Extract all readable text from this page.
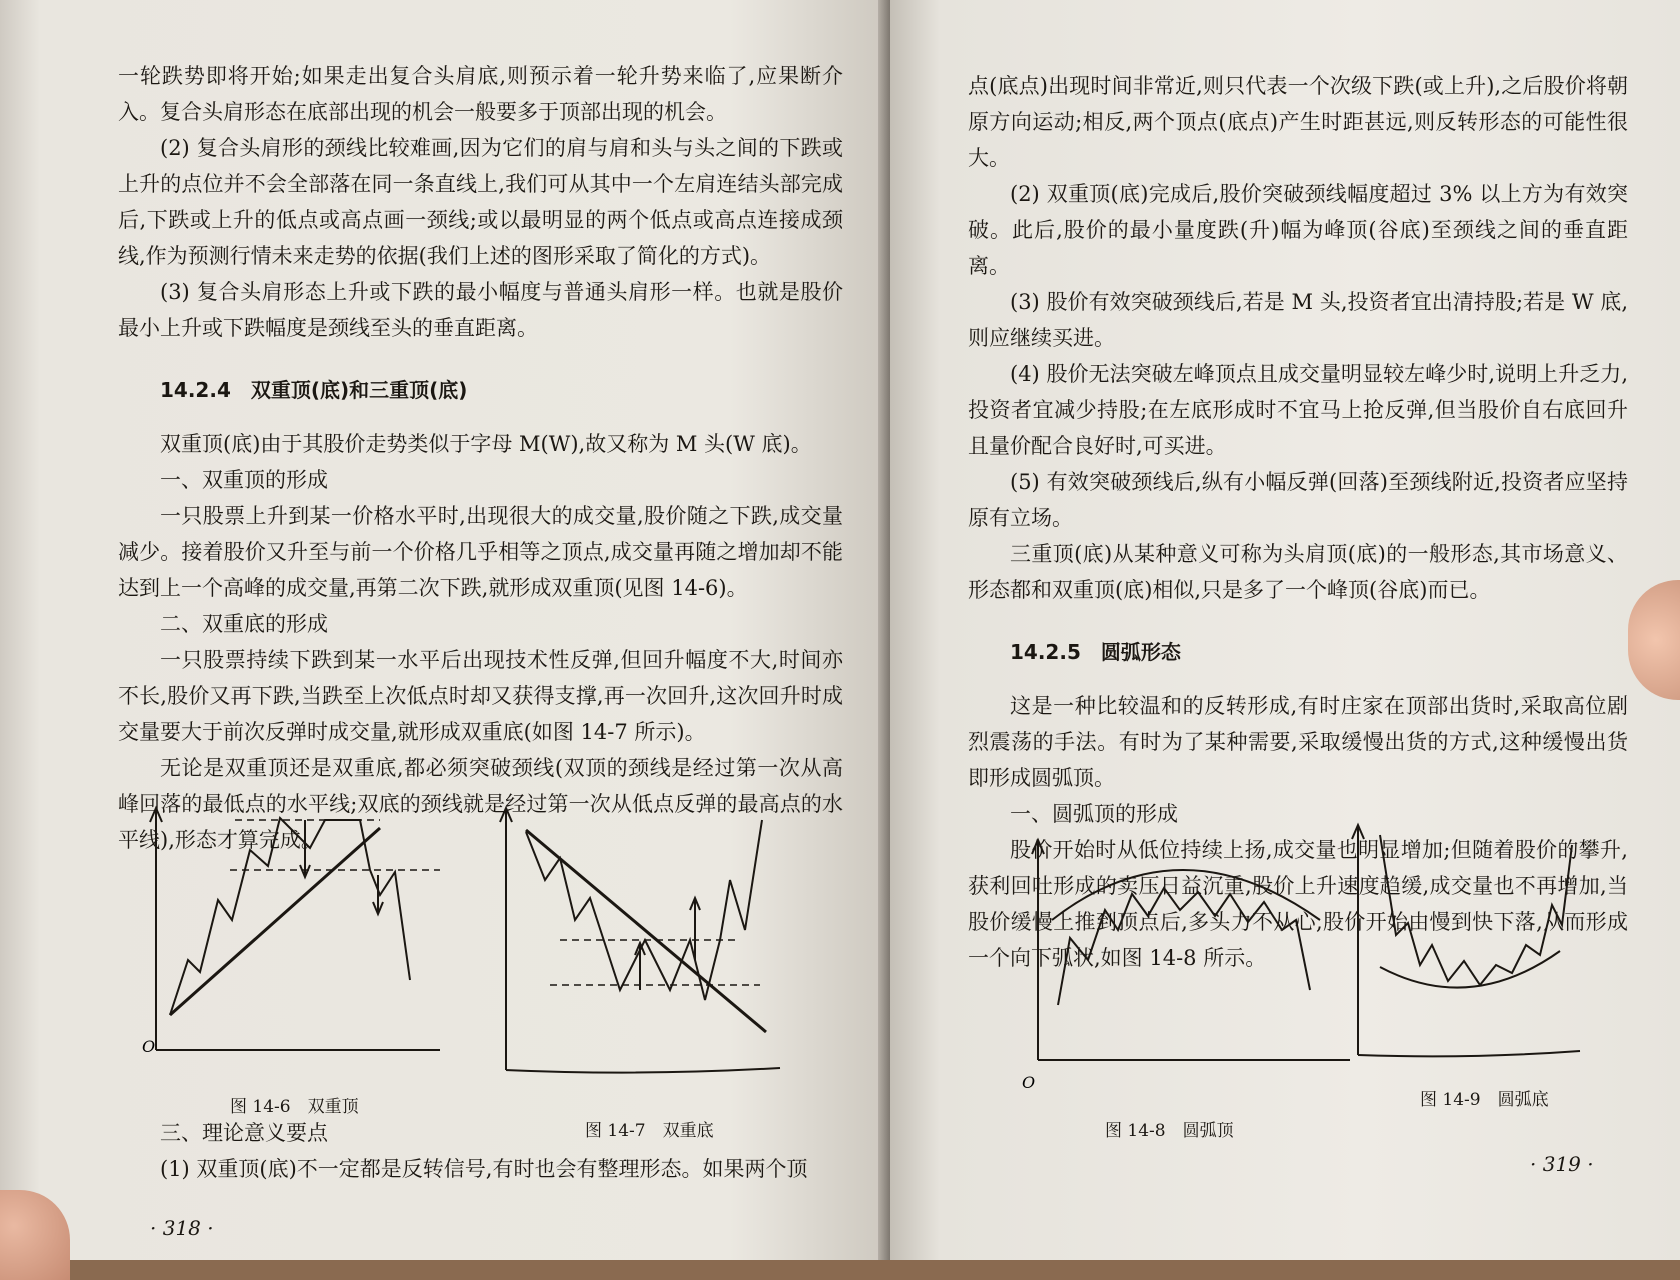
一轮跌势即将开始;如果走出复合头肩底,则预示着一轮升势来临了,应果断介入。复合头肩形态在底部出现的机会一般要多于顶部出现的机会。

(2) 复合头肩形的颈线比较难画,因为它们的肩与肩和头与头之间的下跌或上升的点位并不会全部落在同一条直线上,我们可从其中一个左肩连结头部完成后,下跌或上升的低点或高点画一颈线;或以最明显的两个低点或高点连接成颈线,作为预测行情未来走势的依据(我们上述的图形采取了简化的方式)。

(3) 复合头肩形态上升或下跌的最小幅度与普通头肩形一样。也就是股价最小上升或下跌幅度是颈线至头的垂直距离。

14.2.4　双重顶(底)和三重顶(底)

双重顶(底)由于其股价走势类似于字母 M(W),故又称为 M 头(W 底)。

一、双重顶的形成

一只股票上升到某一价格水平时,出现很大的成交量,股价随之下跌,成交量减少。接着股价又升至与前一个价格几乎相等之顶点,成交量再随之增加却不能达到上一个高峰的成交量,再第二次下跌,就形成双重顶(见图 14-6)。

二、双重底的形成

一只股票持续下跌到某一水平后出现技术性反弹,但回升幅度不大,时间亦不长,股价又再下跌,当跌至上次低点时却又获得支撑,再一次回升,这次回升时成交量要大于前次反弹时成交量,就形成双重底(如图 14-7 所示)。

无论是双重顶还是双重底,都必须突破颈线(双顶的颈线是经过第一次从高峰回落的最低点的水平线;双底的颈线就是经过第一次从低点反弹的最高点的水平线),形态才算完成。

O
图 14-6　双重顶
图 14-7　双重底

三、理论意义要点

(1) 双重顶(底)不一定都是反转信号,有时也会有整理形态。如果两个顶

· 318 ·

点(底点)出现时间非常近,则只代表一个次级下跌(或上升),之后股价将朝原方向运动;相反,两个顶点(底点)产生时距甚远,则反转形态的可能性很大。

(2) 双重顶(底)完成后,股价突破颈线幅度超过 3% 以上方为有效突破。此后,股价的最小量度跌(升)幅为峰顶(谷底)至颈线之间的垂直距离。

(3) 股价有效突破颈线后,若是 M 头,投资者宜出清持股;若是 W 底,则应继续买进。

(4) 股价无法突破左峰顶点且成交量明显较左峰少时,说明上升乏力,投资者宜减少持股;在左底形成时不宜马上抢反弹,但当股价自右底回升且量价配合良好时,可买进。

(5) 有效突破颈线后,纵有小幅反弹(回落)至颈线附近,投资者应坚持原有立场。

三重顶(底)从某种意义可称为头肩顶(底)的一般形态,其市场意义、形态都和双重顶(底)相似,只是多了一个峰顶(谷底)而已。

14.2.5　圆弧形态

这是一种比较温和的反转形成,有时庄家在顶部出货时,采取高位剧烈震荡的手法。有时为了某种需要,采取缓慢出货的方式,这种缓慢出货即形成圆弧顶。

一、圆弧顶的形成

股价开始时从低位持续上扬,成交量也明显增加;但随着股价的攀升,获利回吐形成的卖压日益沉重,股价上升速度趋缓,成交量也不再增加,当股价缓慢上推到顶点后,多头力不从心,股价开始由慢到快下落,从而形成一个向下弧状,如图 14-8 所示。

O
图 14-8　圆弧顶
图 14-9　圆弧底
· 319 ·
